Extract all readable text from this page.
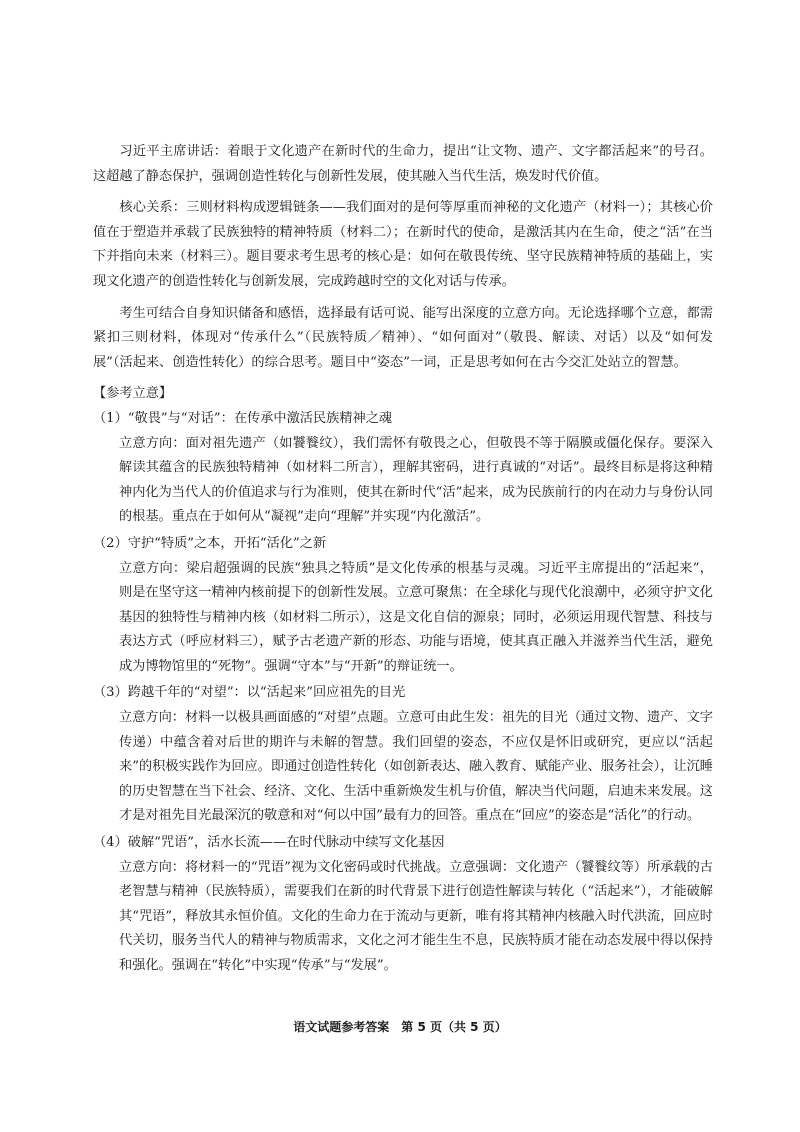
习近平主席讲话：着眼于文化遗产在新时代的生命力，提出“让文物、遗产、文字都活起来”的号召。这超越了静态保护，强调创造性转化与创新性发展，使其融入当代生活，焕发时代价值。

核心关系：三则材料构成逻辑链条——我们面对的是何等厚重而神秘的文化遗产（材料一）；其核心价值在于塑造并承载了民族独特的精神特质（材料二）；在新时代的使命，是激活其内在生命，使之“活”在当下并指向未来（材料三）。题目要求考生思考的核心是：如何在敬畏传统、坚守民族精神特质的基础上，实现文化遗产的创造性转化与创新发展，完成跨越时空的文化对话与传承。

考生可结合自身知识储备和感悟，选择最有话可说、能写出深度的立意方向。无论选择哪个立意，都需紧扣三则材料，体现对“传承什么”（民族特质／精神）、“如何面对”（敬畏、解读、对话）以及“如何发展”（活起来、创造性转化）的综合思考。题目中“姿态”一词，正是思考如何在古今交汇处站立的智慧。

【参考立意】
（1）“敬畏”与“对话”：在传承中激活民族精神之魂
立意方向：面对祖先遗产（如饕餮纹），我们需怀有敬畏之心，但敬畏不等于隔膜或僵化保存。要深入解读其蕴含的民族独特精神（如材料二所言），理解其密码，进行真诚的“对话”。最终目标是将这种精神内化为当代人的价值追求与行为准则，使其在新时代“活”起来，成为民族前行的内在动力与身份认同的根基。重点在于如何从“凝视”走向“理解”并实现“内化激活”。
（2）守护“特质”之本，开拓“活化”之新
立意方向：梁启超强调的民族“独具之特质”是文化传承的根基与灵魂。习近平主席提出的“活起来”，则是在坚守这一精神内核前提下的创新性发展。立意可聚焦：在全球化与现代化浪潮中，必须守护文化基因的独特性与精神内核（如材料二所示），这是文化自信的源泉；同时，必须运用现代智慧、科技与表达方式（呼应材料三），赋予古老遗产新的形态、功能与语境，使其真正融入并滋养当代生活，避免成为博物馆里的“死物”。强调“守本”与“开新”的辩证统一。
（3）跨越千年的“对望”：以“活起来”回应祖先的目光
立意方向：材料一以极具画面感的“对望”点题。立意可由此生发：祖先的目光（通过文物、遗产、文字传递）中蕴含着对后世的期许与未解的智慧。我们回望的姿态，不应仅是怀旧或研究，更应以“活起来”的积极实践作为回应。即通过创造性转化（如创新表达、融入教育、赋能产业、服务社会），让沉睡的历史智慧在当下社会、经济、文化、生活中重新焕发生机与价值，解决当代问题，启迪未来发展。这才是对祖先目光最深沉的敬意和对“何以中国”最有力的回答。重点在“回应”的姿态是“活化”的行动。
（4）破解“咒语”，活水长流——在时代脉动中续写文化基因
立意方向：将材料一的“咒语”视为文化密码或时代挑战。立意强调：文化遗产（饕餮纹等）所承载的古老智慧与精神（民族特质），需要我们在新的时代背景下进行创造性解读与转化（“活起来”），才能破解其“咒语”，释放其永恒价值。文化的生命力在于流动与更新，唯有将其精神内核融入时代洪流，回应时代关切，服务当代人的精神与物质需求，文化之河才能生生不息，民族特质才能在动态发展中得以保持和强化。强调在“转化”中实现“传承”与“发展”。
语文试题参考答案　第 5 页（共 5 页）
